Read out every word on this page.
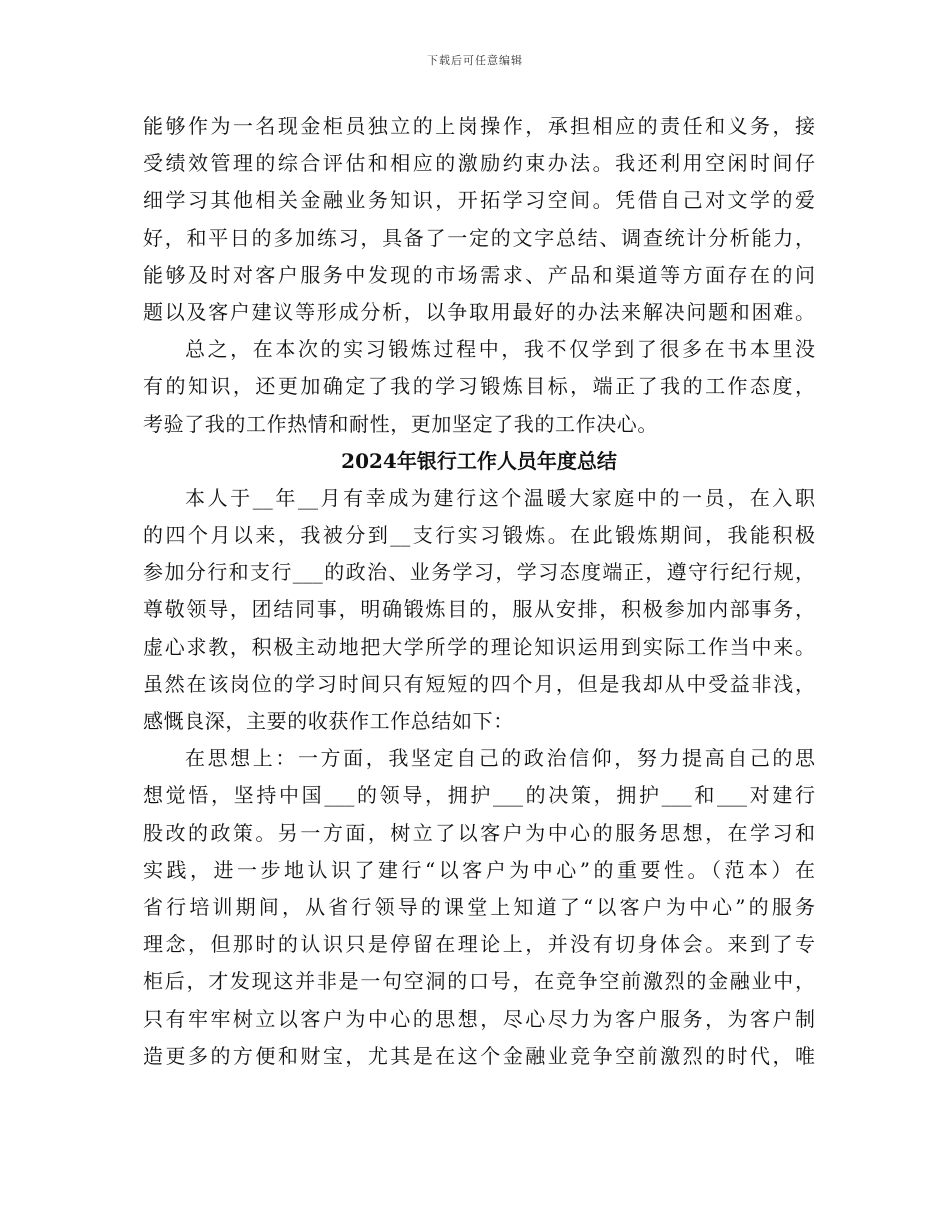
下载后可任意编辑
能够作为一名现金柜员独立的上岗操作，承担相应的责任和义务，接
受绩效管理的综合评估和相应的激励约束办法。我还利用空闲时间仔
细学习其他相关金融业务知识，开拓学习空间。凭借自己对文学的爱
好，和平日的多加练习，具备了一定的文字总结、调查统计分析能力，
能够及时对客户服务中发现的市场需求、产品和渠道等方面存在的问
题以及客户建议等形成分析，以争取用最好的办法来解决问题和困难。
总之，在本次的实习锻炼过程中，我不仅学到了很多在书本里没
有的知识，还更加确定了我的学习锻炼目标，端正了我的工作态度，
考验了我的工作热情和耐性，更加坚定了我的工作决心。
2024年银行工作人员年度总结
本人于__年__月有幸成为建行这个温暖大家庭中的一员，在入职
的四个月以来，我被分到__支行实习锻炼。在此锻炼期间，我能积极
参加分行和支行___的政治、业务学习，学习态度端正，遵守行纪行规，
尊敬领导，团结同事，明确锻炼目的，服从安排，积极参加内部事务，
虚心求教，积极主动地把大学所学的理论知识运用到实际工作当中来。
虽然在该岗位的学习时间只有短短的四个月，但是我却从中受益非浅，
感慨良深，主要的收获作工作总结如下：
在思想上：一方面，我坚定自己的政治信仰，努力提高自己的思
想觉悟，坚持中国___的领导，拥护___的决策，拥护___和___对建行
股改的政策。另一方面，树立了以客户为中心的服务思想，在学习和
实践，进一步地认识了建行“以客户为中心”的重要性。（范本）在
省行培训期间，从省行领导的课堂上知道了“以客户为中心”的服务
理念，但那时的认识只是停留在理论上，并没有切身体会。来到了专
柜后，才发现这并非是一句空洞的口号，在竞争空前激烈的金融业中，
只有牢牢树立以客户为中心的思想，尽心尽力为客户服务，为客户制
造更多的方便和财宝，尤其是在这个金融业竞争空前激烈的时代，唯
